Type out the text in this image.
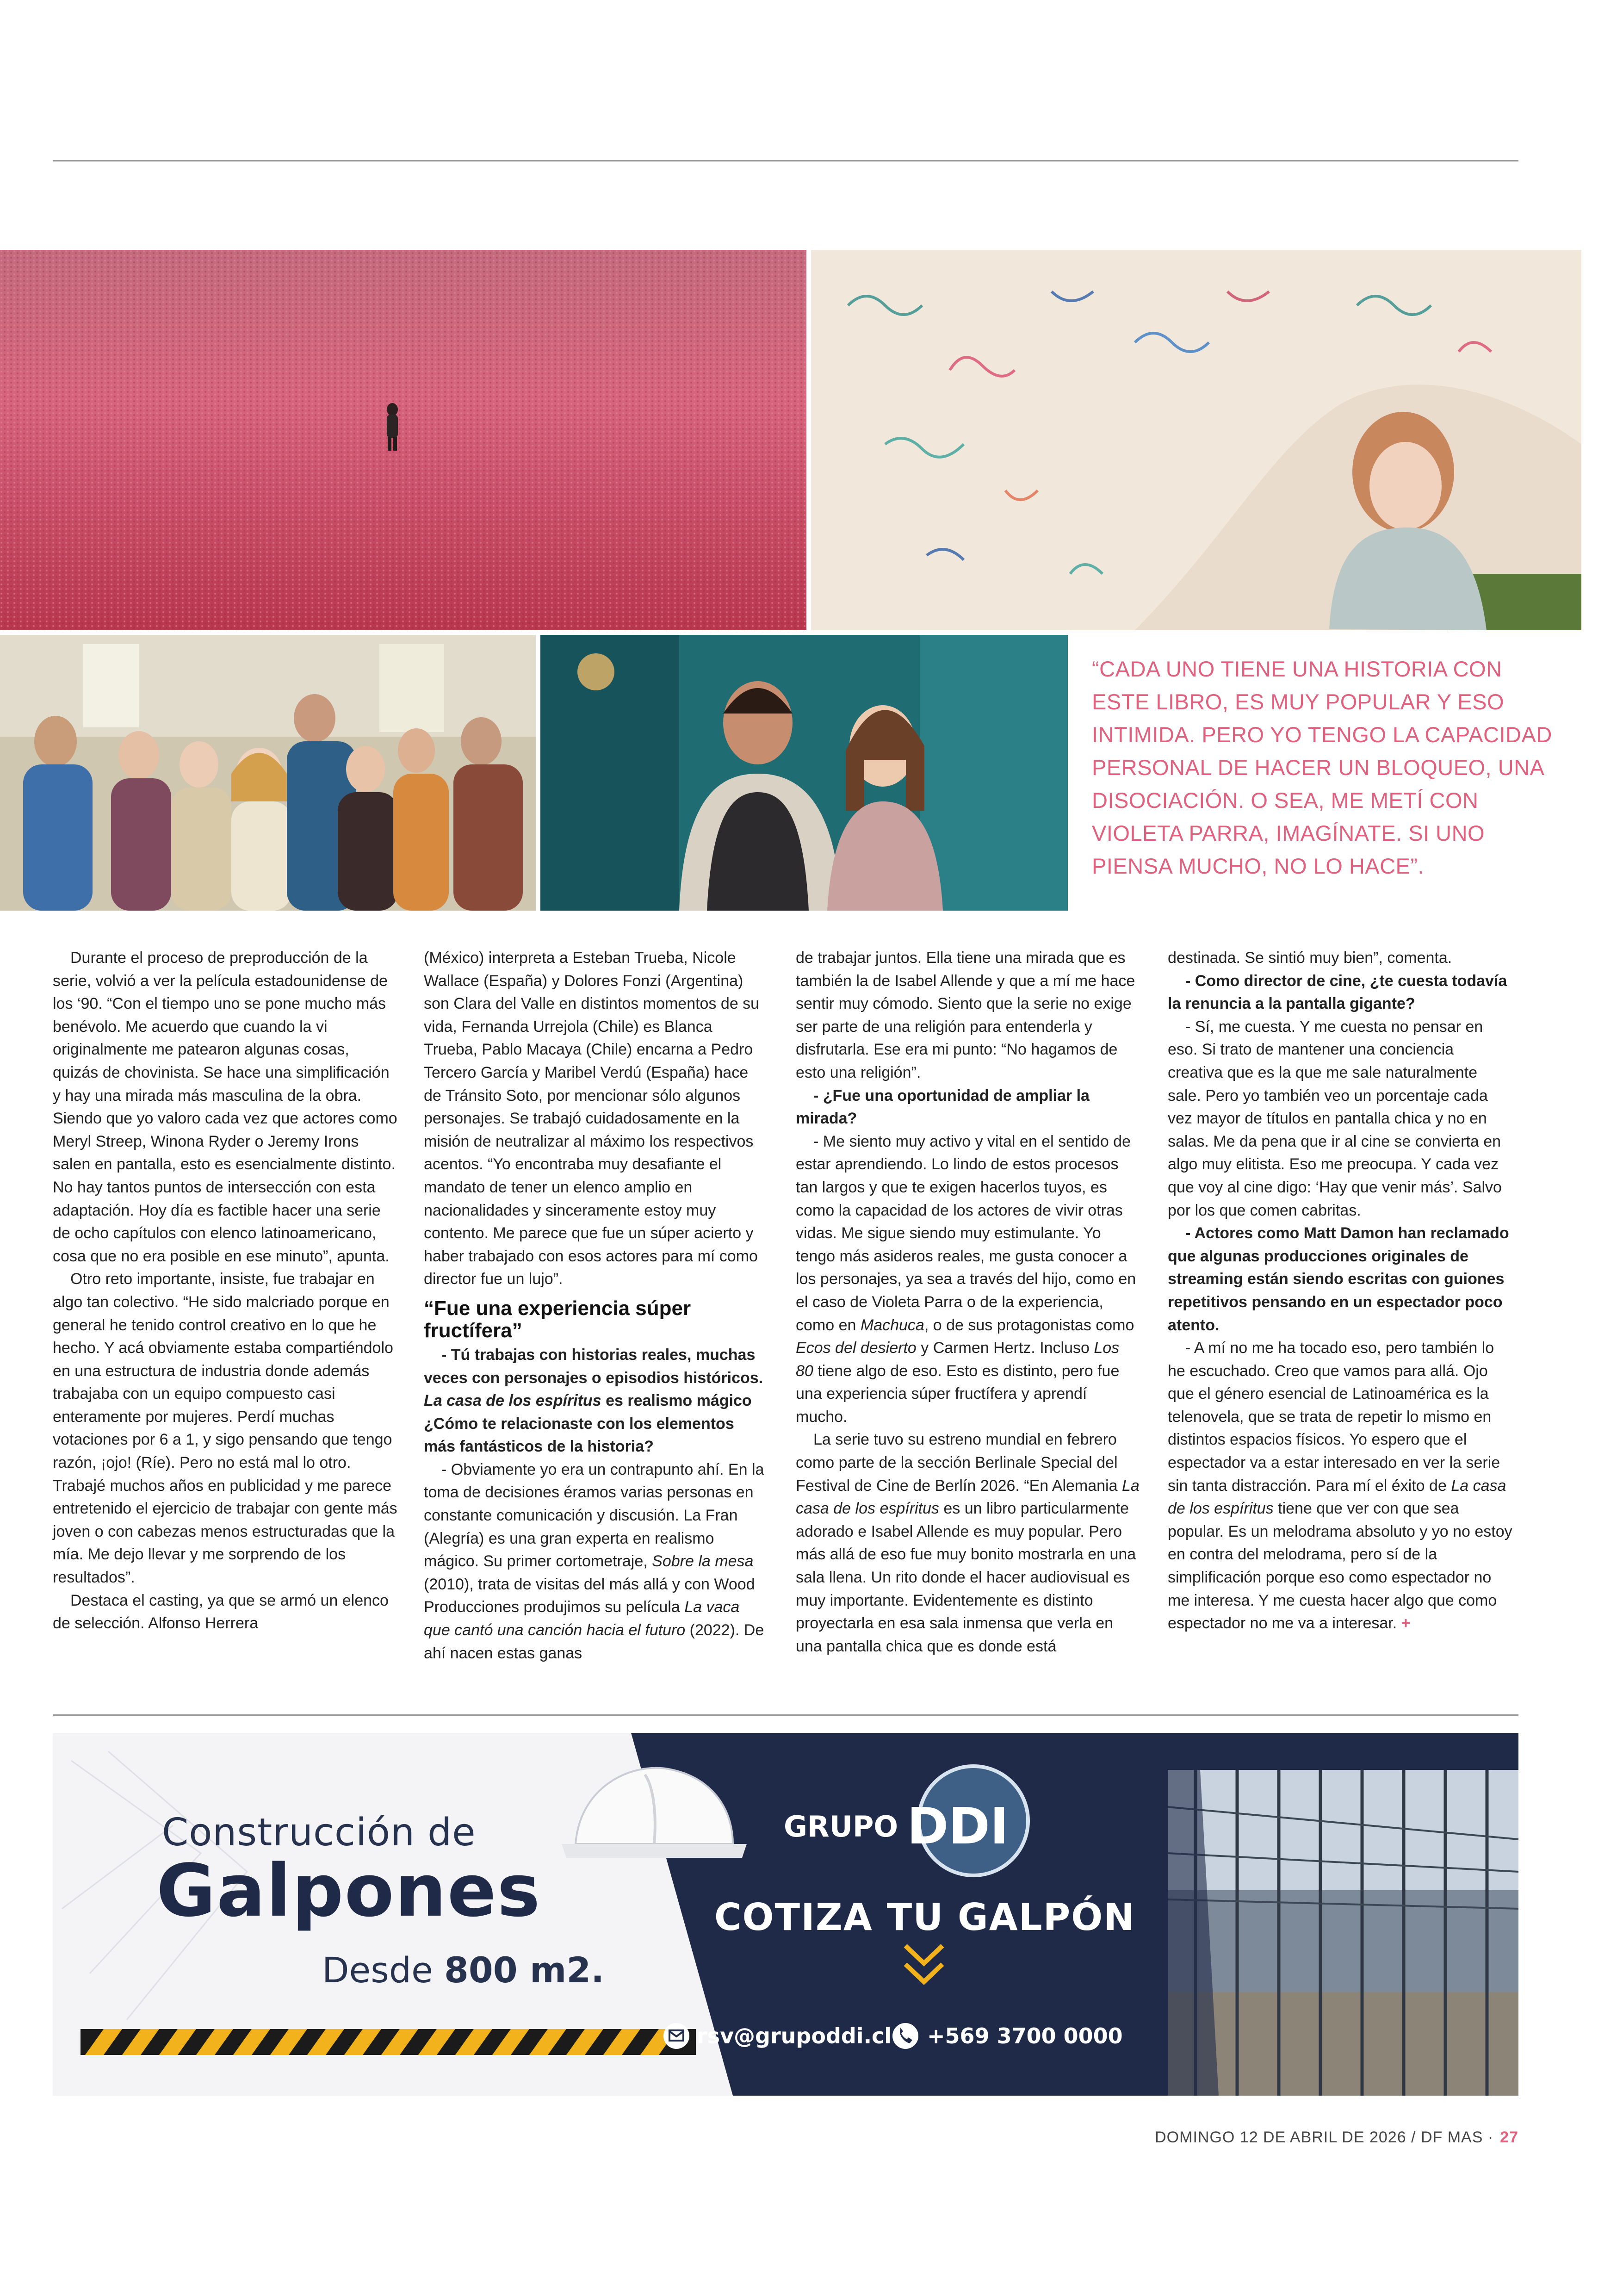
“CADA UNO TIENE UNA HISTORIA CON ESTE LIBRO, ES MUY POPULAR Y ESO INTIMIDA. PERO YO TENGO LA CAPACIDAD PERSONAL DE HACER UN BLOQUEO, UNA DISOCIACIÓN. O SEA, ME METÍ CON VIOLETA PARRA, IMAGÍNATE. SI UNO PIENSA MUCHO, NO LO HACE”.

Durante el proceso de preproducción de la serie, volvió a ver la película estadounidense de los ‘90. “Con el tiempo uno se pone mucho más benévolo. Me acuerdo que cuando la vi originalmente me patearon algunas cosas, quizás de chovinista. Se hace una simplificación y hay una mirada más masculina de la obra. Siendo que yo valoro cada vez que actores como Meryl Streep, Winona Ryder o Jeremy Irons salen en pantalla, esto es esencialmente distinto. No hay tantos puntos de intersección con esta adaptación. Hoy día es factible hacer una serie de ocho capítulos con elenco latinoamericano, cosa que no era posible en ese minuto”, apunta.

Otro reto importante, insiste, fue trabajar en algo tan colectivo. “He sido malcriado porque en general he tenido control creativo en lo que he hecho. Y acá obviamente estaba compartiéndolo en una estructura de industria donde además trabajaba con un equipo compuesto casi enteramente por mujeres. Perdí muchas votaciones por 6 a 1, y sigo pensando que tengo razón, ¡ojo! (Ríe). Pero no está mal lo otro. Trabajé muchos años en publicidad y me parece entretenido el ejercicio de trabajar con gente más joven o con cabezas menos estructuradas que la mía. Me dejo llevar y me sorprendo de los resultados”.

Destaca el casting, ya que se armó un elenco de selección. Alfonso Herrera

(México) interpreta a Esteban Trueba, Nicole Wallace (España) y Dolores Fonzi (Argentina) son Clara del Valle en distintos momentos de su vida, Fernanda Urrejola (Chile) es Blanca Trueba, Pablo Macaya (Chile) encarna a Pedro Tercero García y Maribel Verdú (España) hace de Tránsito Soto, por mencionar sólo algunos personajes. Se trabajó cuidadosamente en la misión de neutralizar al máximo los respectivos acentos. “Yo encontraba muy desafiante el mandato de tener un elenco amplio en nacionalidades y sinceramente estoy muy contento. Me parece que fue un súper acierto y haber trabajado con esos actores para mí como director fue un lujo”.

“Fue una experiencia súper fructífera”

- Tú trabajas con historias reales, muchas veces con personajes o episodios históricos. La casa de los espíritus es realismo mágico ¿Cómo te relacionaste con los elementos más fantásticos de la historia?

- Obviamente yo era un contrapunto ahí. En la toma de decisiones éramos varias personas en constante comunicación y discusión. La Fran (Alegría) es una gran experta en realismo mágico. Su primer cortometraje, Sobre la mesa (2010), trata de visitas del más allá y con Wood Producciones produjimos su película La vaca que cantó una canción hacia el futuro (2022). De ahí nacen estas ganas

de trabajar juntos. Ella tiene una mirada que es también la de Isabel Allende y que a mí me hace sentir muy cómodo. Siento que la serie no exige ser parte de una religión para entenderla y disfrutarla. Ese era mi punto: “No hagamos de esto una religión”.

- ¿Fue una oportunidad de ampliar la mirada?

- Me siento muy activo y vital en el sentido de estar aprendiendo. Lo lindo de estos procesos tan largos y que te exigen hacerlos tuyos, es como la capacidad de los actores de vivir otras vidas. Me sigue siendo muy estimulante. Yo tengo más asideros reales, me gusta conocer a los personajes, ya sea a través del hijo, como en el caso de Violeta Parra o de la experiencia, como en Machuca, o de sus protagonistas como Ecos del desierto y Carmen Hertz. Incluso Los 80 tiene algo de eso. Esto es distinto, pero fue una experiencia súper fructífera y aprendí mucho.

La serie tuvo su estreno mundial en febrero como parte de la sección Berlinale Special del Festival de Cine de Berlín 2026. “En Alemania La casa de los espíritus es un libro particularmente adorado e Isabel Allende es muy popular. Pero más allá de eso fue muy bonito mostrarla en una sala llena. Un rito donde el hacer audiovisual es muy importante. Evidentemente es distinto proyectarla en esa sala inmensa que verla en una pantalla chica que es donde está

destinada. Se sintió muy bien”, comenta.

- Como director de cine, ¿te cuesta todavía la renuncia a la pantalla gigante?

- Sí, me cuesta. Y me cuesta no pensar en eso. Si trato de mantener una conciencia creativa que es la que me sale naturalmente sale. Pero yo también veo un porcentaje cada vez mayor de títulos en pantalla chica y no en salas. Me da pena que ir al cine se convierta en algo muy elitista. Eso me preocupa. Y cada vez que voy al cine digo: ‘Hay que venir más’. Salvo por los que comen cabritas.

- Actores como Matt Damon han reclamado que algunas producciones originales de streaming están siendo escritas con guiones repetitivos pensando en un espectador poco atento.

- A mí no me ha tocado eso, pero también lo he escuchado. Creo que vamos para allá. Ojo que el género esencial de Latinoamérica es la telenovela, que se trata de repetir lo mismo en distintos espacios físicos. Yo espero que el espectador va a estar interesado en ver la serie sin tanta distracción. Para mí el éxito de La casa de los espíritus tiene que ver con que sea popular. Es un melodrama absoluto y yo no estoy en contra del melodrama, pero sí de la simplificación porque eso como espectador no me interesa. Y me cuesta hacer algo que como espectador no me va a interesar. +

Construcción de
Galpones
Desde 800 m2.
GRUPO DDI
COTIZA TU GALPÓN
rsv@grupoddi.cl +569 3700 0000
DOMINGO 12 DE ABRIL DE 2026 / DF MAS · 27
